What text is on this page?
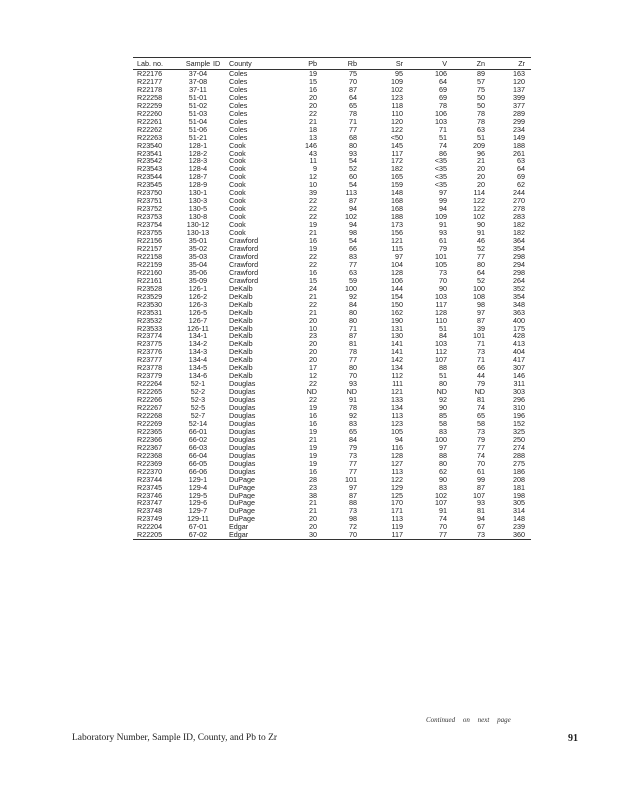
Lab. no.	Sample	ID	County	Pb	Rb	Sr	V	Zn	Zr
R22176	37-04		Coles	19	75	95	106	89	163
R22177	37-08		Coles	15	70	109	64	57	120
R22178	37-11		Coles	16	87	102	69	75	137
R22258	51-01		Coles	20	64	123	69	50	399
R22259	51-02		Coles	20	65	118	78	50	377
R22260	51-03		Coles	22	78	110	106	78	289
R22261	51-04		Coles	21	71	120	103	78	299
R22262	51-06		Coles	18	77	122	71	63	234
R22263	51-21		Coles	13	68	<50	51	51	149
R23540	128-1		Cook	146	80	145	74	209	188
R23541	128-2		Cook	43	93	117	86	96	261
R23542	128-3		Cook	11	54	172	<35	21	63
R23543	128-4		Cook	9	52	182	<35	20	64
R23544	128-7		Cook	12	60	165	<35	20	69
R23545	128-9		Cook	10	54	159	<35	20	62
R23750	130-1		Cook	39	113	148	97	114	244
R23751	130-3		Cook	22	87	168	99	122	270
R23752	130-5		Cook	22	94	168	94	122	278
R23753	130-8		Cook	22	102	188	109	102	283
R23754	130-12		Cook	19	94	173	91	90	182
R23755	130-13		Cook	21	98	156	93	91	182
R22156	35-01		Crawford	16	54	121	61	46	364
R22157	35-02		Crawford	19	66	115	79	52	354
R22158	35-03		Crawford	22	83	97	101	77	298
R22159	35-04		Crawford	22	77	104	105	80	294
R22160	35-06		Crawford	16	63	128	73	64	298
R22161	35-09		Crawford	15	59	106	70	52	264
R23528	126-1		DeKalb	24	100	144	90	100	352
R23529	126-2		DeKalb	21	92	154	103	108	354
R23530	126-3		DeKalb	22	84	150	117	98	348
R23531	126-5		DeKalb	21	80	162	128	97	363
R23532	126-7		DeKalb	20	80	190	110	87	400
R23533	126-11		DeKalb	10	71	131	51	39	175
R23774	134-1		DeKalb	23	87	130	84	101	428
R23775	134-2		DeKalb	20	81	141	103	71	413
R23776	134-3		DeKalb	20	78	141	112	73	404
R23777	134-4		DeKalb	20	77	142	107	71	417
R23778	134-5		DeKalb	17	80	134	88	66	307
R23779	134-6		DeKalb	12	70	112	51	44	146
R22264	52-1		Douglas	22	93	111	80	79	311
R22265	52-2		Douglas	ND	ND	121	ND	ND	303
R22266	52-3		Douglas	22	91	133	92	81	296
R22267	52-5		Douglas	19	78	134	90	74	310
R22268	52-7		Douglas	16	92	113	85	65	196
R22269	52-14		Douglas	16	83	123	58	58	152
R22365	66-01		Douglas	19	65	105	83	73	325
R22366	66-02		Douglas	21	84	94	100	79	250
R22367	66-03		Douglas	19	79	116	97	77	274
R22368	66-04		Douglas	19	73	128	88	74	288
R22369	66-05		Douglas	19	77	127	80	70	275
R22370	66-06		Douglas	16	77	113	62	61	186
R23744	129-1		DuPage	28	101	122	90	99	208
R23745	129-4		DuPage	23	97	129	83	87	181
R23746	129-5		DuPage	38	87	125	102	107	198
R23747	129-6		DuPage	21	88	170	107	93	305
R23748	129-7		DuPage	21	73	171	91	81	314
R23749	129-11		DuPage	20	98	113	74	94	148
R22204	67-01		Edgar	20	72	119	70	67	239
R22205	67-02		Edgar	30	70	117	77	73	360
Continued on next page
Laboratory Number, Sample ID, County, and Pb to Zr	91
